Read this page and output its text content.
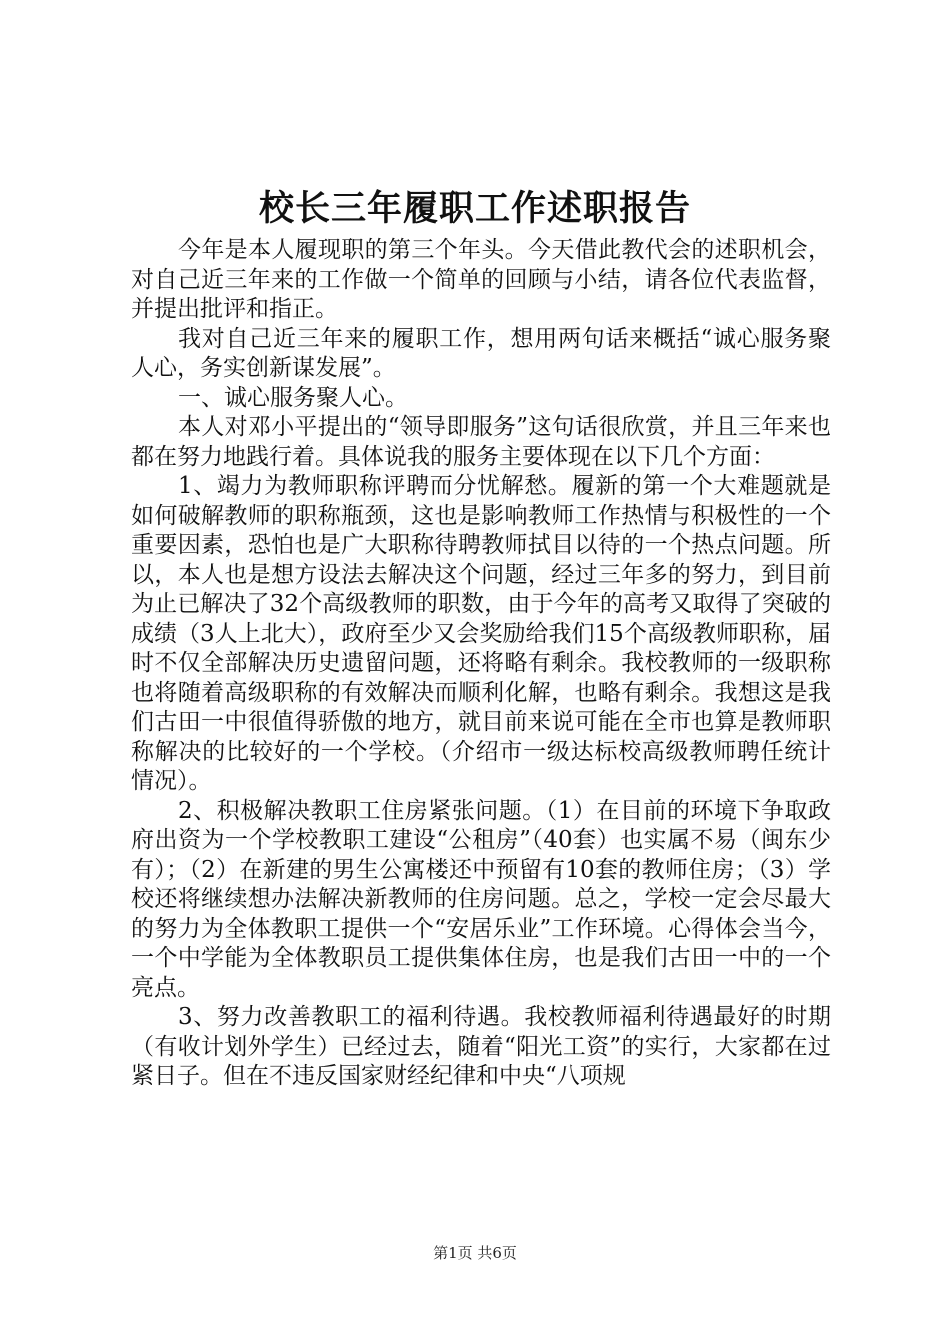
校长三年履职工作述职报告

今年是本人履现职的第三个年头。今天借此教代会的述职机会，对自己近三年来的工作做一个简单的回顾与小结，请各位代表监督，并提出批评和指正。

我对自己近三年来的履职工作，想用两句话来概括“诚心服务聚人心，务实创新谋发展”。

一、诚心服务聚人心。

本人对邓小平提出的“领导即服务”这句话很欣赏，并且三年来也都在努力地践行着。具体说我的服务主要体现在以下几个方面：

1、竭力为教师职称评聘而分忧解愁。履新的第一个大难题就是如何破解教师的职称瓶颈，这也是影响教师工作热情与积极性的一个重要因素，恐怕也是广大职称待聘教师拭目以待的一个热点问题。所以，本人也是想方设法去解决这个问题，经过三年多的努力，到目前为止已解决了32个高级教师的职数，由于今年的高考又取得了突破的成绩（3人上北大），政府至少又会奖励给我们15个高级教师职称，届时不仅全部解决历史遗留问题，还将略有剩余。我校教师的一级职称也将随着高级职称的有效解决而顺利化解，也略有剩余。我想这是我们古田一中很值得骄傲的地方，就目前来说可能在全市也算是教师职称解决的比较好的一个学校。（介绍市一级达标校高级教师聘任统计情况）。

2、积极解决教职工住房紧张问题。（1）在目前的环境下争取政府出资为一个学校教职工建设“公租房”（40套）也实属不易（闽东少有）；（2）在新建的男生公寓楼还中预留有10套的教师住房；（3）学校还将继续想办法解决新教师的住房问题。总之，学校一定会尽最大的努力为全体教职工提供一个“安居乐业”工作环境。心得体会当今，一个中学能为全体教职员工提供集体住房，也是我们古田一中的一个亮点。

3、努力改善教职工的福利待遇。我校教师福利待遇最好的时期（有收计划外学生）已经过去，随着“阳光工资”的实行，大家都在过紧日子。但在不违反国家财经纪律和中央“八项规

第1页 共6页
